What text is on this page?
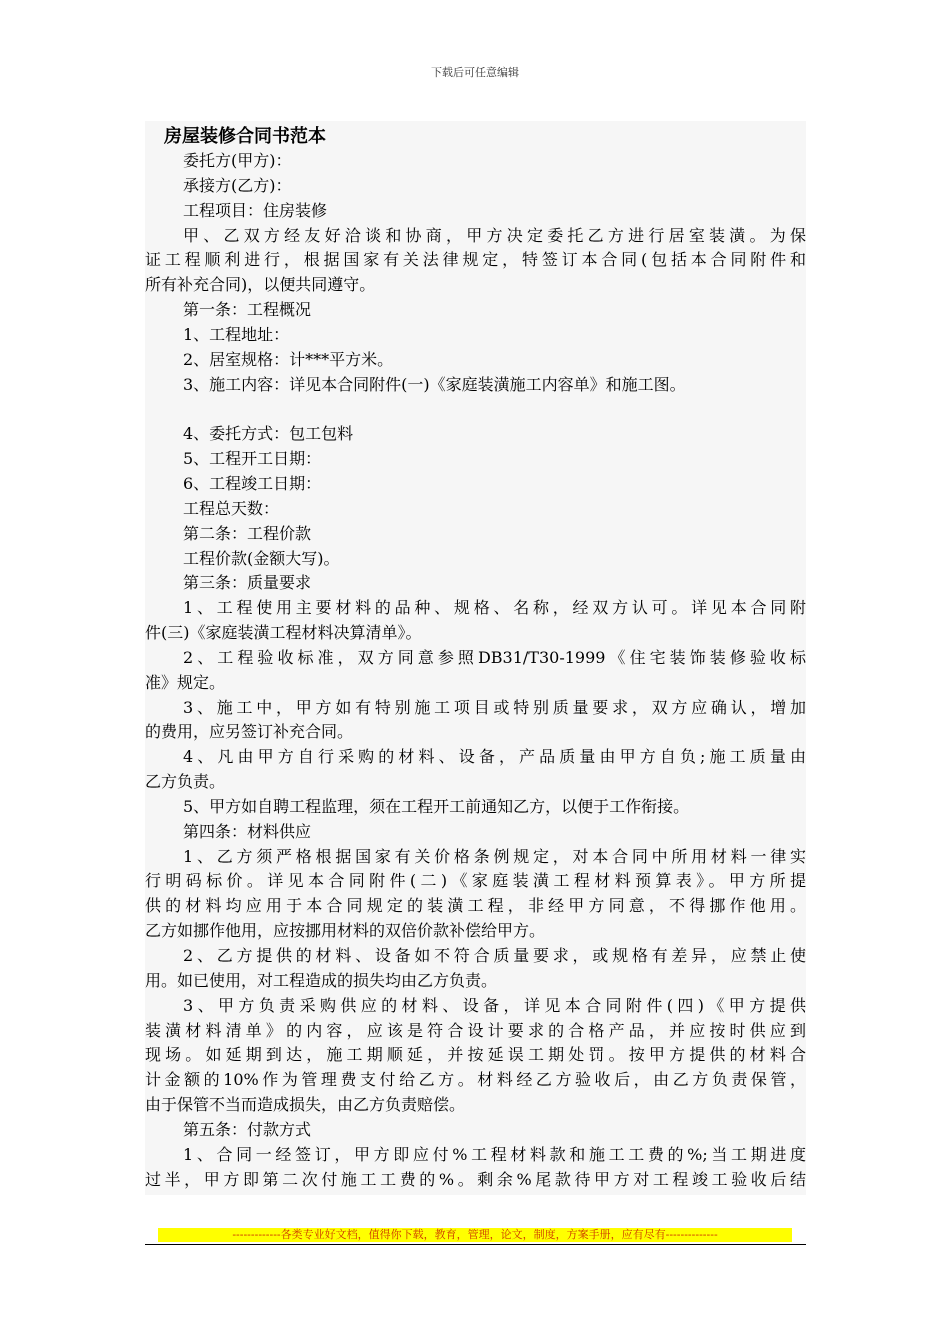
下载后可任意编辑
房屋装修合同书范本
委托方(甲方)：
承接方(乙方)：
工程项目：住房装修
甲、乙双方经友好洽谈和协商，甲方决定委托乙方进行居室装潢。为保
证工程顺利进行，根据国家有关法律规定，特签订本合同(包括本合同附件和
所有补充合同)，以便共同遵守。
第一条：工程概况
1、工程地址：
2、居室规格：计***平方米。
3、施工内容：详见本合同附件(一)《家庭装潢施工内容单》和施工图。
4、委托方式：包工包料
5、工程开工日期：
6、工程竣工日期：
工程总天数：
第二条：工程价款
工程价款(金额大写)。
第三条：质量要求
1、工程使用主要材料的品种、规格、名称，经双方认可。详见本合同附
件(三)《家庭装潢工程材料决算清单》。
2、工程验收标准，双方同意参照DB31/T30-1999《住宅装饰装修验收标
准》规定。
3、施工中，甲方如有特别施工项目或特别质量要求，双方应确认，增加
的费用，应另签订补充合同。
4、凡由甲方自行采购的材料、设备，产品质量由甲方自负;施工质量由
乙方负责。
5、甲方如自聘工程监理，须在工程开工前通知乙方，以便于工作衔接。
第四条：材料供应
1、乙方须严格根据国家有关价格条例规定，对本合同中所用材料一律实
行明码标价。详见本合同附件(二)《家庭装潢工程材料预算表》。甲方所提
供的材料均应用于本合同规定的装潢工程，非经甲方同意，不得挪作他用。
乙方如挪作他用，应按挪用材料的双倍价款补偿给甲方。
2、乙方提供的材料、设备如不符合质量要求，或规格有差异，应禁止使
用。如已使用，对工程造成的损失均由乙方负责。
3、甲方负责采购供应的材料、设备，详见本合同附件(四)《甲方提供
装潢材料清单》的内容，应该是符合设计要求的合格产品，并应按时供应到
现场。如延期到达，施工期顺延，并按延误工期处罚。按甲方提供的材料合
计金额的10%作为管理费支付给乙方。材料经乙方验收后，由乙方负责保管，
由于保管不当而造成损失，由乙方负责赔偿。
第五条：付款方式
1、合同一经签订，甲方即应付%工程材料款和施工工费的%;当工期进度
过半，甲方即第二次付施工工费的%。剩余%尾款待甲方对工程竣工验收后结
-------------各类专业好文档，值得你下载，教育，管理，论文，制度，方案手册，应有尽有--------------
